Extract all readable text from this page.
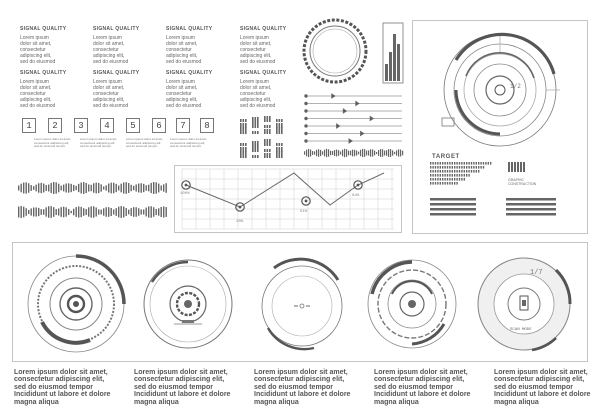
SIGNAL QUALITY
Lorem ipsum
dolor sit amet,
consectetur
adipiscing elit,
sed do eiusmod
SIGNAL QUALITY
Lorem ipsum
dolor sit amet,
consectetur
adipiscing elit,
sed do eiusmod
SIGNAL QUALITY
Lorem ipsum
dolor sit amet,
consectetur
adipiscing elit,
sed do eiusmod
SIGNAL QUALITY
Lorem ipsum
dolor sit amet,
consectetur
adipiscing elit,
sed do eiusmod
SIGNAL QUALITY
Lorem ipsum
dolor sit amet,
consectetur
adipiscing elit,
sed do eiusmod
SIGNAL QUALITY
Lorem ipsum
dolor sit amet,
consectetur
adipiscing elit,
sed do eiusmod
SIGNAL QUALITY
Lorem ipsum
dolor sit amet,
consectetur
adipiscing elit,
sed do eiusmod
SIGNAL QUALITY
Lorem ipsum
dolor sit amet,
consectetur
adipiscing elit,
sed do eiusmod
1	2	3	4	5	6	7	8
Lorem ipsum dolor sit amet,
consectetur adipiscing elit,
sed do eiusmod tempor
Lorem ipsum dolor sit amet,
consectetur adipiscing elit,
sed do eiusmod tempor
Lorem ipsum dolor sit amet,
consectetur adipiscing elit,
sed do eiusmod tempor
Lorem ipsum dolor sit amet,
consectetur adipiscing elit,
sed do eiusmod tempor
100%
28%
51%
84%
1/2
TARGET
GRAPHIC
CONSTRUCTION
1/7
SCAN MODE
Lorem ipsum dolor sit amet,
consectetur adipiscing elit,
sed do eiusmod tempor
Incididunt ut labore et dolore
magna aliqua
Lorem ipsum dolor sit amet,
consectetur adipiscing elit,
sed do eiusmod tempor
Incididunt ut labore et dolore
magna aliqua
Lorem ipsum dolor sit amet,
consectetur adipiscing elit,
sed do eiusmod tempor
Incididunt ut labore et dolore
magna aliqua
Lorem ipsum dolor sit amet,
consectetur adipiscing elit,
sed do eiusmod tempor
Incididunt ut labore et dolore
magna aliqua
Lorem ipsum dolor sit amet,
consectetur adipiscing elit,
sed do eiusmod tempor
Incididunt ut labore et dolore
magna aliqua
